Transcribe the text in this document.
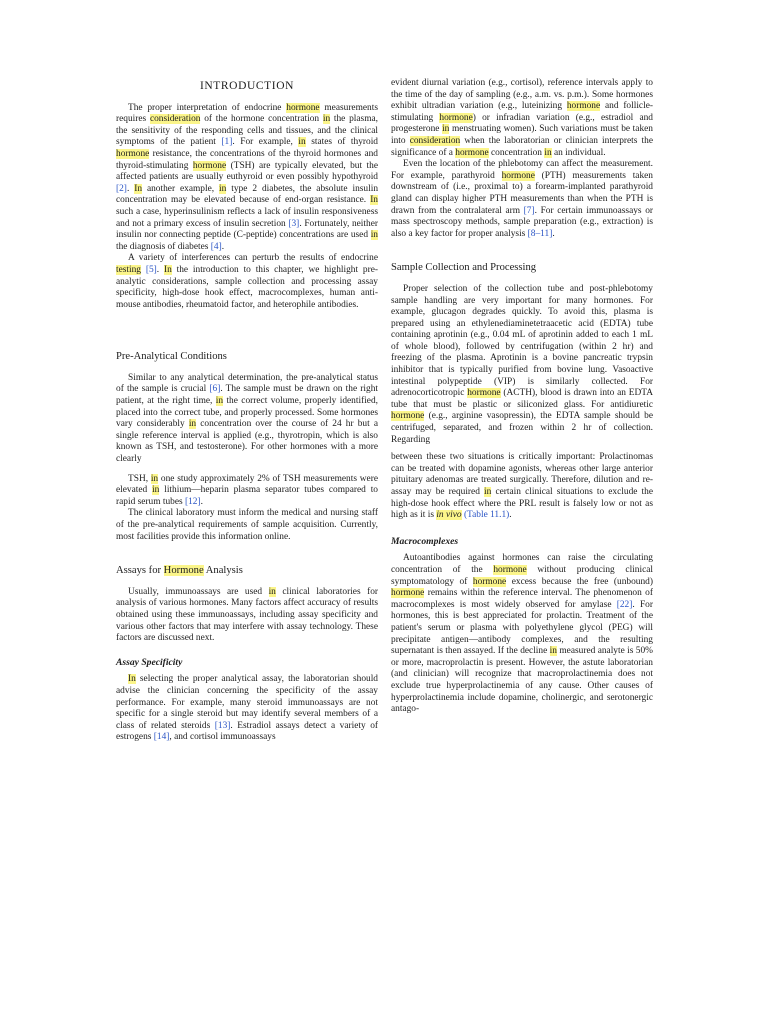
INTRODUCTION

The proper interpretation of endocrine hormone measurements requires consideration of the hormone concentration in the plasma, the sensitivity of the responding cells and tissues, and the clinical symptoms of the patient [1]. For example, in states of thyroid hormone resistance, the concentrations of the thyroid hormones and thyroid-stimulating hormone (TSH) are typically elevated, but the affected patients are usually euthyroid or even possibly hypothyroid [2]. In another example, in type 2 diabetes, the absolute insulin concentration may be elevated because of end-organ resistance. In such a case, hyperinsulinism reflects a lack of insulin responsiveness and not a primary excess of insulin secretion [3]. Fortunately, neither insulin nor connecting peptide (C-peptide) concentrations are used in the diagnosis of diabetes [4].

A variety of interferences can perturb the results of endocrine testing [5]. In the introduction to this chapter, we highlight pre-analytic considerations, sample collection and processing assay specificity, high-dose hook effect, macrocomplexes, human anti-mouse antibodies, rheumatoid factor, and heterophile antibodies.

Pre-Analytical Conditions

Similar to any analytical determination, the pre-analytical status of the sample is crucial [6]. The sample must be drawn on the right patient, at the right time, in the correct volume, properly identified, placed into the correct tube, and properly processed. Some hormones vary considerably in concentration over the course of 24 hr but a single reference interval is applied (e.g., thyrotropin, which is also known as TSH, and testosterone). For other hormones with a more clearly

TSH, in one study approximately 2% of TSH measurements were elevated in lithium—heparin plasma separator tubes compared to rapid serum tubes [12].

The clinical laboratory must inform the medical and nursing staff of the pre-analytical requirements of sample acquisition. Currently, most facilities provide this information online.

Assays for Hormone Analysis

Usually, immunoassays are used in clinical laboratories for analysis of various hormones. Many factors affect accuracy of results obtained using these immunoassays, including assay specificity and various other factors that may interfere with assay technology. These factors are discussed next.

Assay Specificity

In selecting the proper analytical assay, the laboratorian should advise the clinician concerning the specificity of the assay performance. For example, many steroid immunoassays are not specific for a single steroid but may identify several members of a class of related steroids [13]. Estradiol assays detect a variety of estrogens [14], and cortisol immunoassays

evident diurnal variation (e.g., cortisol), reference intervals apply to the time of the day of sampling (e.g., a.m. vs. p.m.). Some hormones exhibit ultradian variation (e.g., luteinizing hormone and follicle-stimulating hormone) or infradian variation (e.g., estradiol and progesterone in menstruating women). Such variations must be taken into consideration when the laboratorian or clinician interprets the significance of a hormone concentration in an individual.

Even the location of the phlebotomy can affect the measurement. For example, parathyroid hormone (PTH) measurements taken downstream of (i.e., proximal to) a forearm-implanted parathyroid gland can display higher PTH measurements than when the PTH is drawn from the contralateral arm [7]. For certain immunoassays or mass spectroscopy methods, sample preparation (e.g., extraction) is also a key factor for proper analysis [8–11].

Sample Collection and Processing

Proper selection of the collection tube and post-phlebotomy sample handling are very important for many hormones. For example, glucagon degrades quickly. To avoid this, plasma is prepared using an ethylenediaminetetraacetic acid (EDTA) tube containing aprotinin (e.g., 0.04 mL of aprotinin added to each 1 mL of whole blood), followed by centrifugation (within 2 hr) and freezing of the plasma. Aprotinin is a bovine pancreatic trypsin inhibitor that is typically purified from bovine lung. Vasoactive intestinal polypeptide (VIP) is similarly collected. For adrenocorticotropic hormone (ACTH), blood is drawn into an EDTA tube that must be plastic or siliconized glass. For antidiuretic hormone (e.g., arginine vasopressin), the EDTA sample should be centrifuged, separated, and frozen within 2 hr of collection. Regarding

between these two situations is critically important: Prolactinomas can be treated with dopamine agonists, whereas other large anterior pituitary adenomas are treated surgically. Therefore, dilution and re-assay may be required in certain clinical situations to exclude the high-dose hook effect where the PRL result is falsely low or not as high as it is in vivo (Table 11.1).

Macrocomplexes

Autoantibodies against hormones can raise the circulating concentration of the hormone without producing clinical symptomatology of hormone excess because the free (unbound) hormone remains within the reference interval. The phenomenon of macrocomplexes is most widely observed for amylase [22]. For hormones, this is best appreciated for prolactin. Treatment of the patient's serum or plasma with polyethylene glycol (PEG) will precipitate antigen—antibody complexes, and the resulting supernatant is then assayed. If the decline in measured analyte is 50% or more, macroprolactin is present. However, the astute laboratorian (and clinician) will recognize that macroprolactinemia does not exclude true hyperprolactinemia of any cause. Other causes of hyperprolactinemia include dopamine, cholinergic, and serotonergic antago-
